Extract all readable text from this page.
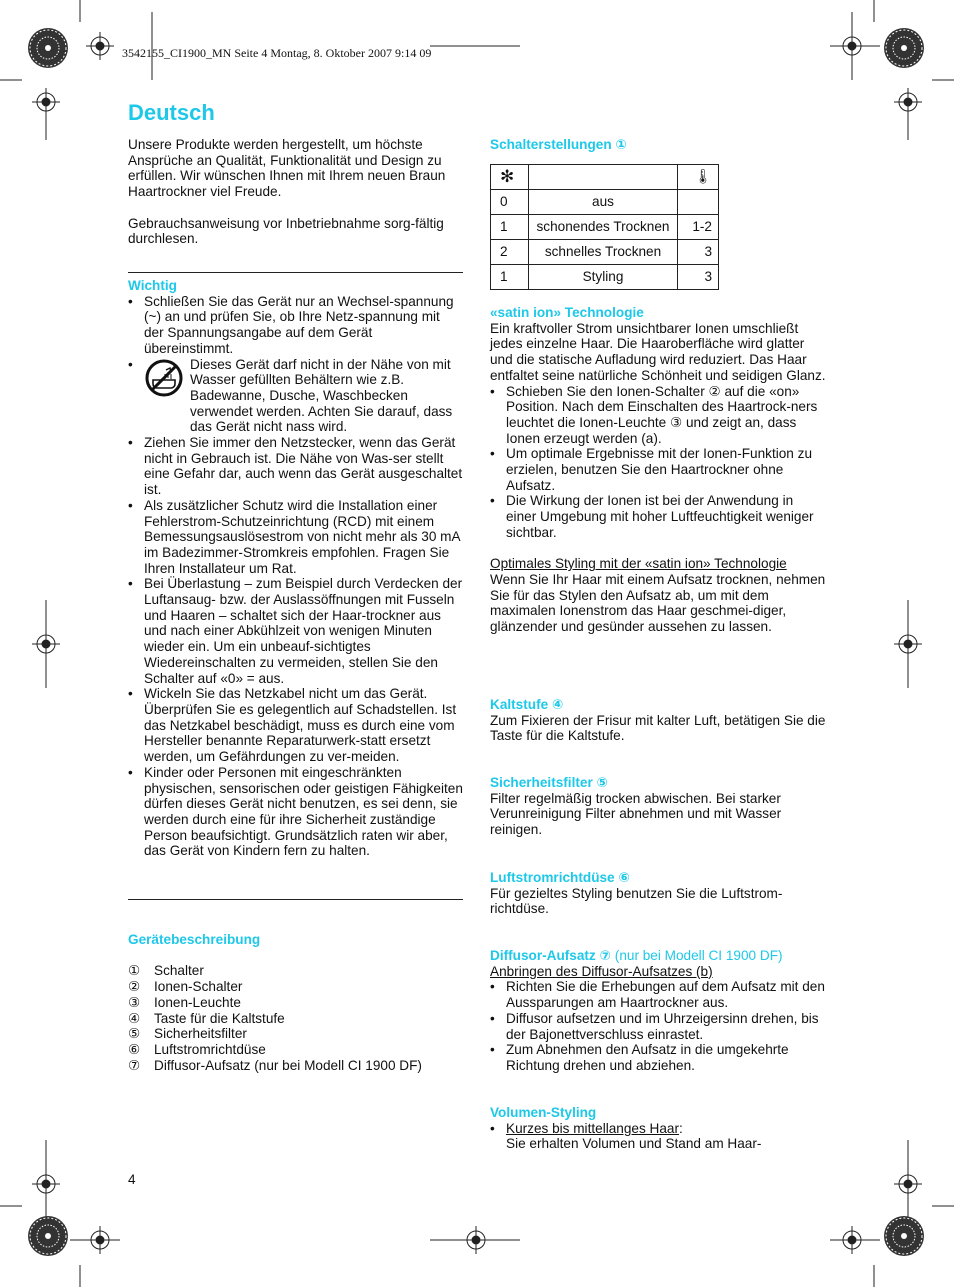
3542155_CI1900_MN Seite 4 Montag, 8. Oktober 2007 9:14 09
Deutsch
Unsere Produkte werden hergestellt, um höchste Ansprüche an Qualität, Funktionalität und Design zu erfüllen. Wir wünschen Ihnen mit Ihrem neuen Braun Haartrockner viel Freude.
Gebrauchsanweisung vor Inbetriebnahme sorg-fältig durchlesen.
Wichtig
• Schließen Sie das Gerät nur an Wechsel-spannung (~) an und prüfen Sie, ob Ihre Netz-spannung mit der Spannungsangabe auf dem Gerät übereinstimmt.
• Dieses Gerät darf nicht in der Nähe von mit Wasser gefüllten Behältern wie z.B. Badewanne, Dusche, Waschbecken verwendet werden. Achten Sie darauf, dass das Gerät nicht nass wird.
• Ziehen Sie immer den Netzstecker, wenn das Gerät nicht in Gebrauch ist. Die Nähe von Was-ser stellt eine Gefahr dar, auch wenn das Gerät ausgeschaltet ist.
• Als zusätzlicher Schutz wird die Installation einer Fehlerstrom-Schutzeinrichtung (RCD) mit einem Bemessungsauslösestrom von nicht mehr als 30 mA im Badezimmer-Stromkreis empfohlen. Fragen Sie Ihren Installateur um Rat.
• Bei Überlastung – zum Beispiel durch Verdecken der Luftansaug- bzw. der Auslassöffnungen mit Fusseln und Haaren – schaltet sich der Haar-trockner aus und nach einer Abkühlzeit von wenigen Minuten wieder ein. Um ein unbeauf-sichtigtes Wiedereinschalten zu vermeiden, stellen Sie den Schalter auf «0» = aus.
• Wickeln Sie das Netzkabel nicht um das Gerät. Überprüfen Sie es gelegentlich auf Schadstellen. Ist das Netzkabel beschädigt, muss es durch eine vom Hersteller benannte Reparaturwerk-statt ersetzt werden, um Gefährdungen zu ver-meiden.
• Kinder oder Personen mit eingeschränkten physischen, sensorischen oder geistigen Fähigkeiten dürfen dieses Gerät nicht benutzen, es sei denn, sie werden durch eine für ihre Sicherheit zuständige Person beaufsichtigt. Grundsätzlich raten wir aber, das Gerät von Kindern fern zu halten.
Gerätebeschreibung
① Schalter
② Ionen-Schalter
③ Ionen-Leuchte
④ Taste für die Kaltstufe
⑤ Sicherheitsfilter
⑥ Luftstromrichtdüse
⑦ Diffusor-Aufsatz (nur bei Modell CI 1900 DF)
4
Schalterstellungen ①
✻		🌡
0	aus	
1	schonendes Trocknen	1-2
2	schnelles Trocknen	3
1	Styling	3
«satin ion» Technologie
Ein kraftvoller Strom unsichtbarer Ionen umschließt jedes einzelne Haar. Die Haaroberfläche wird glatter und die statische Aufladung wird reduziert. Das Haar entfaltet seine natürliche Schönheit und seidigen Glanz.
• Schieben Sie den Ionen-Schalter ② auf die «on» Position. Nach dem Einschalten des Haartrock-ners leuchtet die Ionen-Leuchte ③ und zeigt an, dass Ionen erzeugt werden (a).
• Um optimale Ergebnisse mit der Ionen-Funktion zu erzielen, benutzen Sie den Haartrockner ohne Aufsatz.
• Die Wirkung der Ionen ist bei der Anwendung in einer Umgebung mit hoher Luftfeuchtigkeit weniger sichtbar.
Optimales Styling mit der «satin ion» Technologie
Wenn Sie Ihr Haar mit einem Aufsatz trocknen, nehmen Sie für das Stylen den Aufsatz ab, um mit dem maximalen Ionenstrom das Haar geschmei-diger, glänzender und gesünder aussehen zu lassen.
Kaltstufe ④
Zum Fixieren der Frisur mit kalter Luft, betätigen Sie die Taste für die Kaltstufe.
Sicherheitsfilter ⑤
Filter regelmäßig trocken abwischen. Bei starker Verunreinigung Filter abnehmen und mit Wasser reinigen.
Luftstromrichtdüse ⑥
Für gezieltes Styling benutzen Sie die Luftstrom-richtdüse.
Diffusor-Aufsatz ⑦ (nur bei Modell CI 1900 DF)
Anbringen des Diffusor-Aufsatzes (b)
• Richten Sie die Erhebungen auf dem Aufsatz mit den Aussparungen am Haartrockner aus.
• Diffusor aufsetzen und im Uhrzeigersinn drehen, bis der Bajonettverschluss einrastet.
• Zum Abnehmen den Aufsatz in die umgekehrte Richtung drehen und abziehen.
Volumen-Styling
• Kurzes bis mittellanges Haar:
Sie erhalten Volumen und Stand am Haar-
